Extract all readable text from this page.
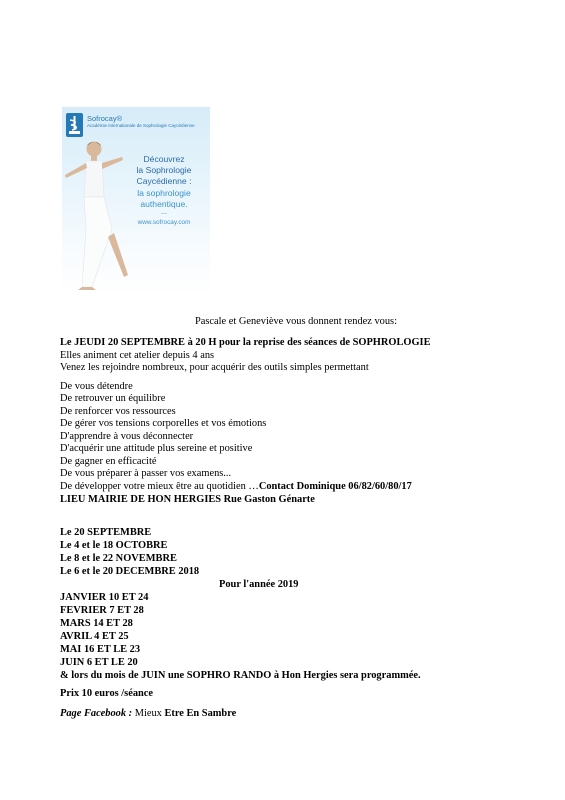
Sofrocay®
Académie Internationale de Sophrologie Caycédienne
Découvrez
la Sophrologie
Caycédienne :
la sophrologie
authentique.
—
www.sofrocay.com
Pascale et Geneviève vous donnent rendez vous:
Le JEUDI 20 SEPTEMBRE à 20 H pour la reprise des séances de SOPHROLOGIE
Elles animent cet atelier depuis 4 ans
Venez les rejoindre nombreux, pour acquérir des outils simples permettant
De vous détendre
De retrouver un équilibre
De renforcer vos ressources
De gérer vos tensions corporelles et vos émotions
D'apprendre à vous déconnecter
D'acquérir une attitude plus sereine et positive
De gagner en efficacité
De vous préparer à passer vos examens...
De développer votre mieux être au quotidien …Contact Dominique 06/82/60/80/17
LIEU MAIRIE DE HON HERGIES Rue Gaston Génarte
Le 20 SEPTEMBRE
Le 4 et le 18 OCTOBRE
Le 8 et le 22 NOVEMBRE
Le 6 et le 20 DECEMBRE 2018
Pour l'année 2019
JANVIER 10 ET 24
FEVRIER 7 ET 28
MARS 14 ET 28
AVRIL 4 ET 25
MAI 16 ET LE 23
JUIN 6 ET LE 20
& lors du mois de JUIN une SOPHRO RANDO à Hon Hergies sera programmée.
Prix 10 euros /séance
Page Facebook : Mieux Etre En Sambre
